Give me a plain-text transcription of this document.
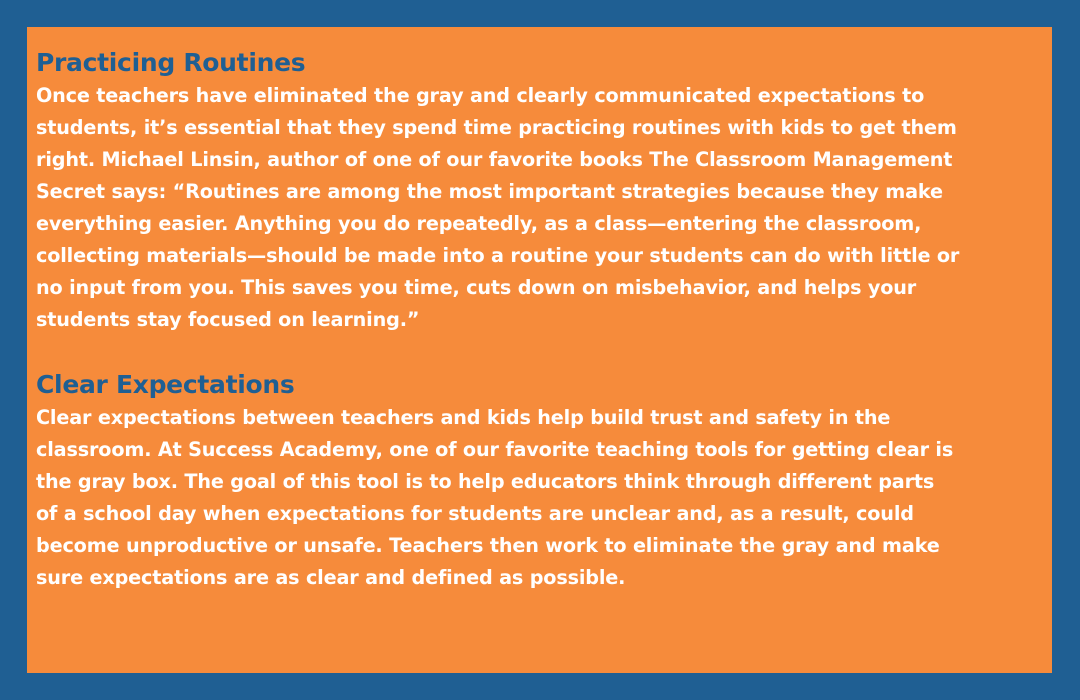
Practicing Routines

Once teachers have eliminated the gray and clearly communicated expectations to
students, it’s essential that they spend time practicing routines with kids to get them
right. Michael Linsin, author of one of our favorite books The Classroom Management
Secret says: “Routines are among the most important strategies because they make
everything easier. Anything you do repeatedly, as a class—entering the classroom,
collecting materials—should be made into a routine your students can do with little or
no input from you. This saves you time, cuts down on misbehavior, and helps your
students stay focused on learning.”

Clear Expectations

Clear expectations between teachers and kids help build trust and safety in the
classroom. At Success Academy, one of our favorite teaching tools for getting clear is
the gray box. The goal of this tool is to help educators think through different parts
of a school day when expectations for students are unclear and, as a result, could
become unproductive or unsafe. Teachers then work to eliminate the gray and make
sure expectations are as clear and defined as possible.
